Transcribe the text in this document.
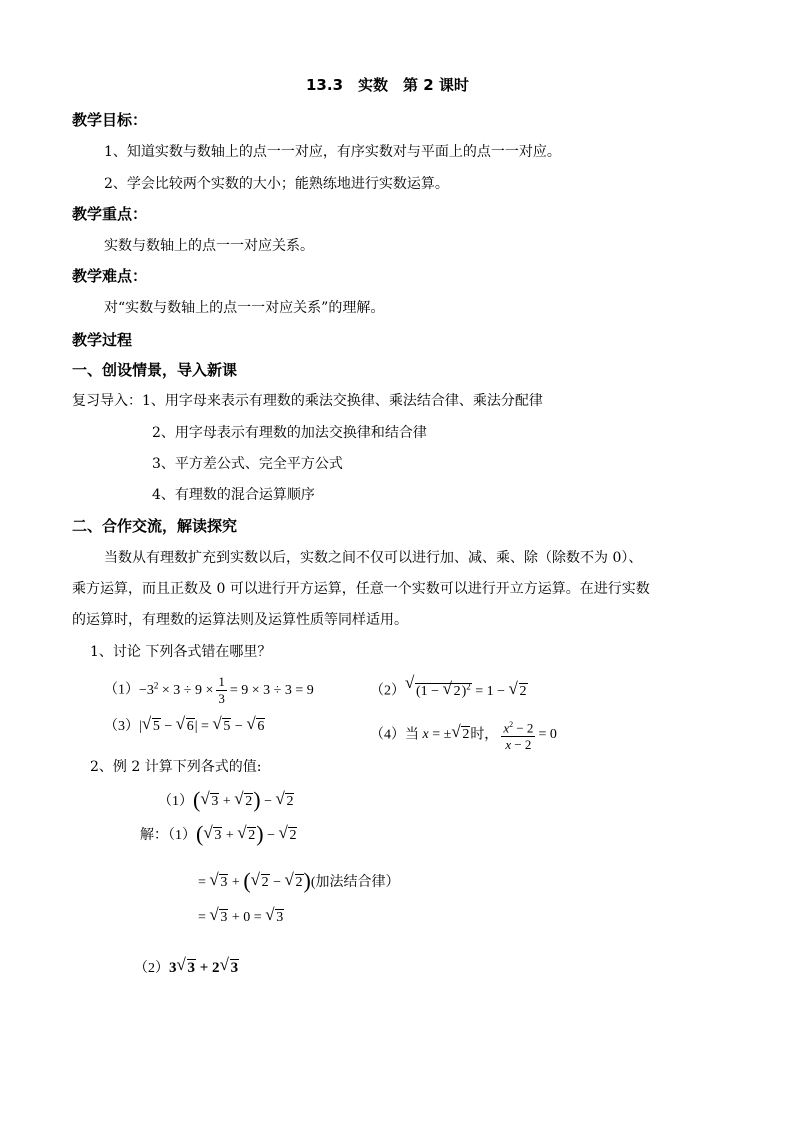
13.3　实数　第 2 课时
教学目标：
1、知道实数与数轴上的点一一对应，有序实数对与平面上的点一一对应。
2、学会比较两个实数的大小；能熟练地进行实数运算。
教学重点：
实数与数轴上的点一一对应关系。
教学难点：
对“实数与数轴上的点一一对应关系”的理解。
教学过程
一、创设情景，导入新课
复习导入：1、用字母来表示有理数的乘法交换律、乘法结合律、乘法分配律
2、用字母表示有理数的加法交换律和结合律
3、平方差公式、完全平方公式
4、有理数的混合运算顺序
二、合作交流，解读探究
当数从有理数扩充到实数以后，实数之间不仅可以进行加、减、乘、除（除数不为 0）、
乘方运算，而且正数及 0 可以进行开方运算，任意一个实数可以进行开立方运算。在进行实数
的运算时，有理数的运算法则及运算性质等同样适用。
1、讨论 下列各式错在哪里？
$(1)-3^2 \times 3 \div 9 \times \frac{1}{3} = 9 \times 3 \div 3 = 9$	（2） √ (1 − √ 2)$^2$ = 1 − √ 2
（3）| √ 5 − √ 6| = √ 5 − √ 6
（4）当 x = ± √ 2时， $\frac{x^2 - 2}{x - 2} = 0$
2、例 2 计算下列各式的值:
（1）( √ 3 + √ 2) − √ 2
解：（1）( √ 3 + √ 2) − √ 2
= √ 3 + ( √ 2 − √ 2)(加法结合律）
= √ 3 + 0 = √ 3
（2）3 √ 3 + 2 √ 3
